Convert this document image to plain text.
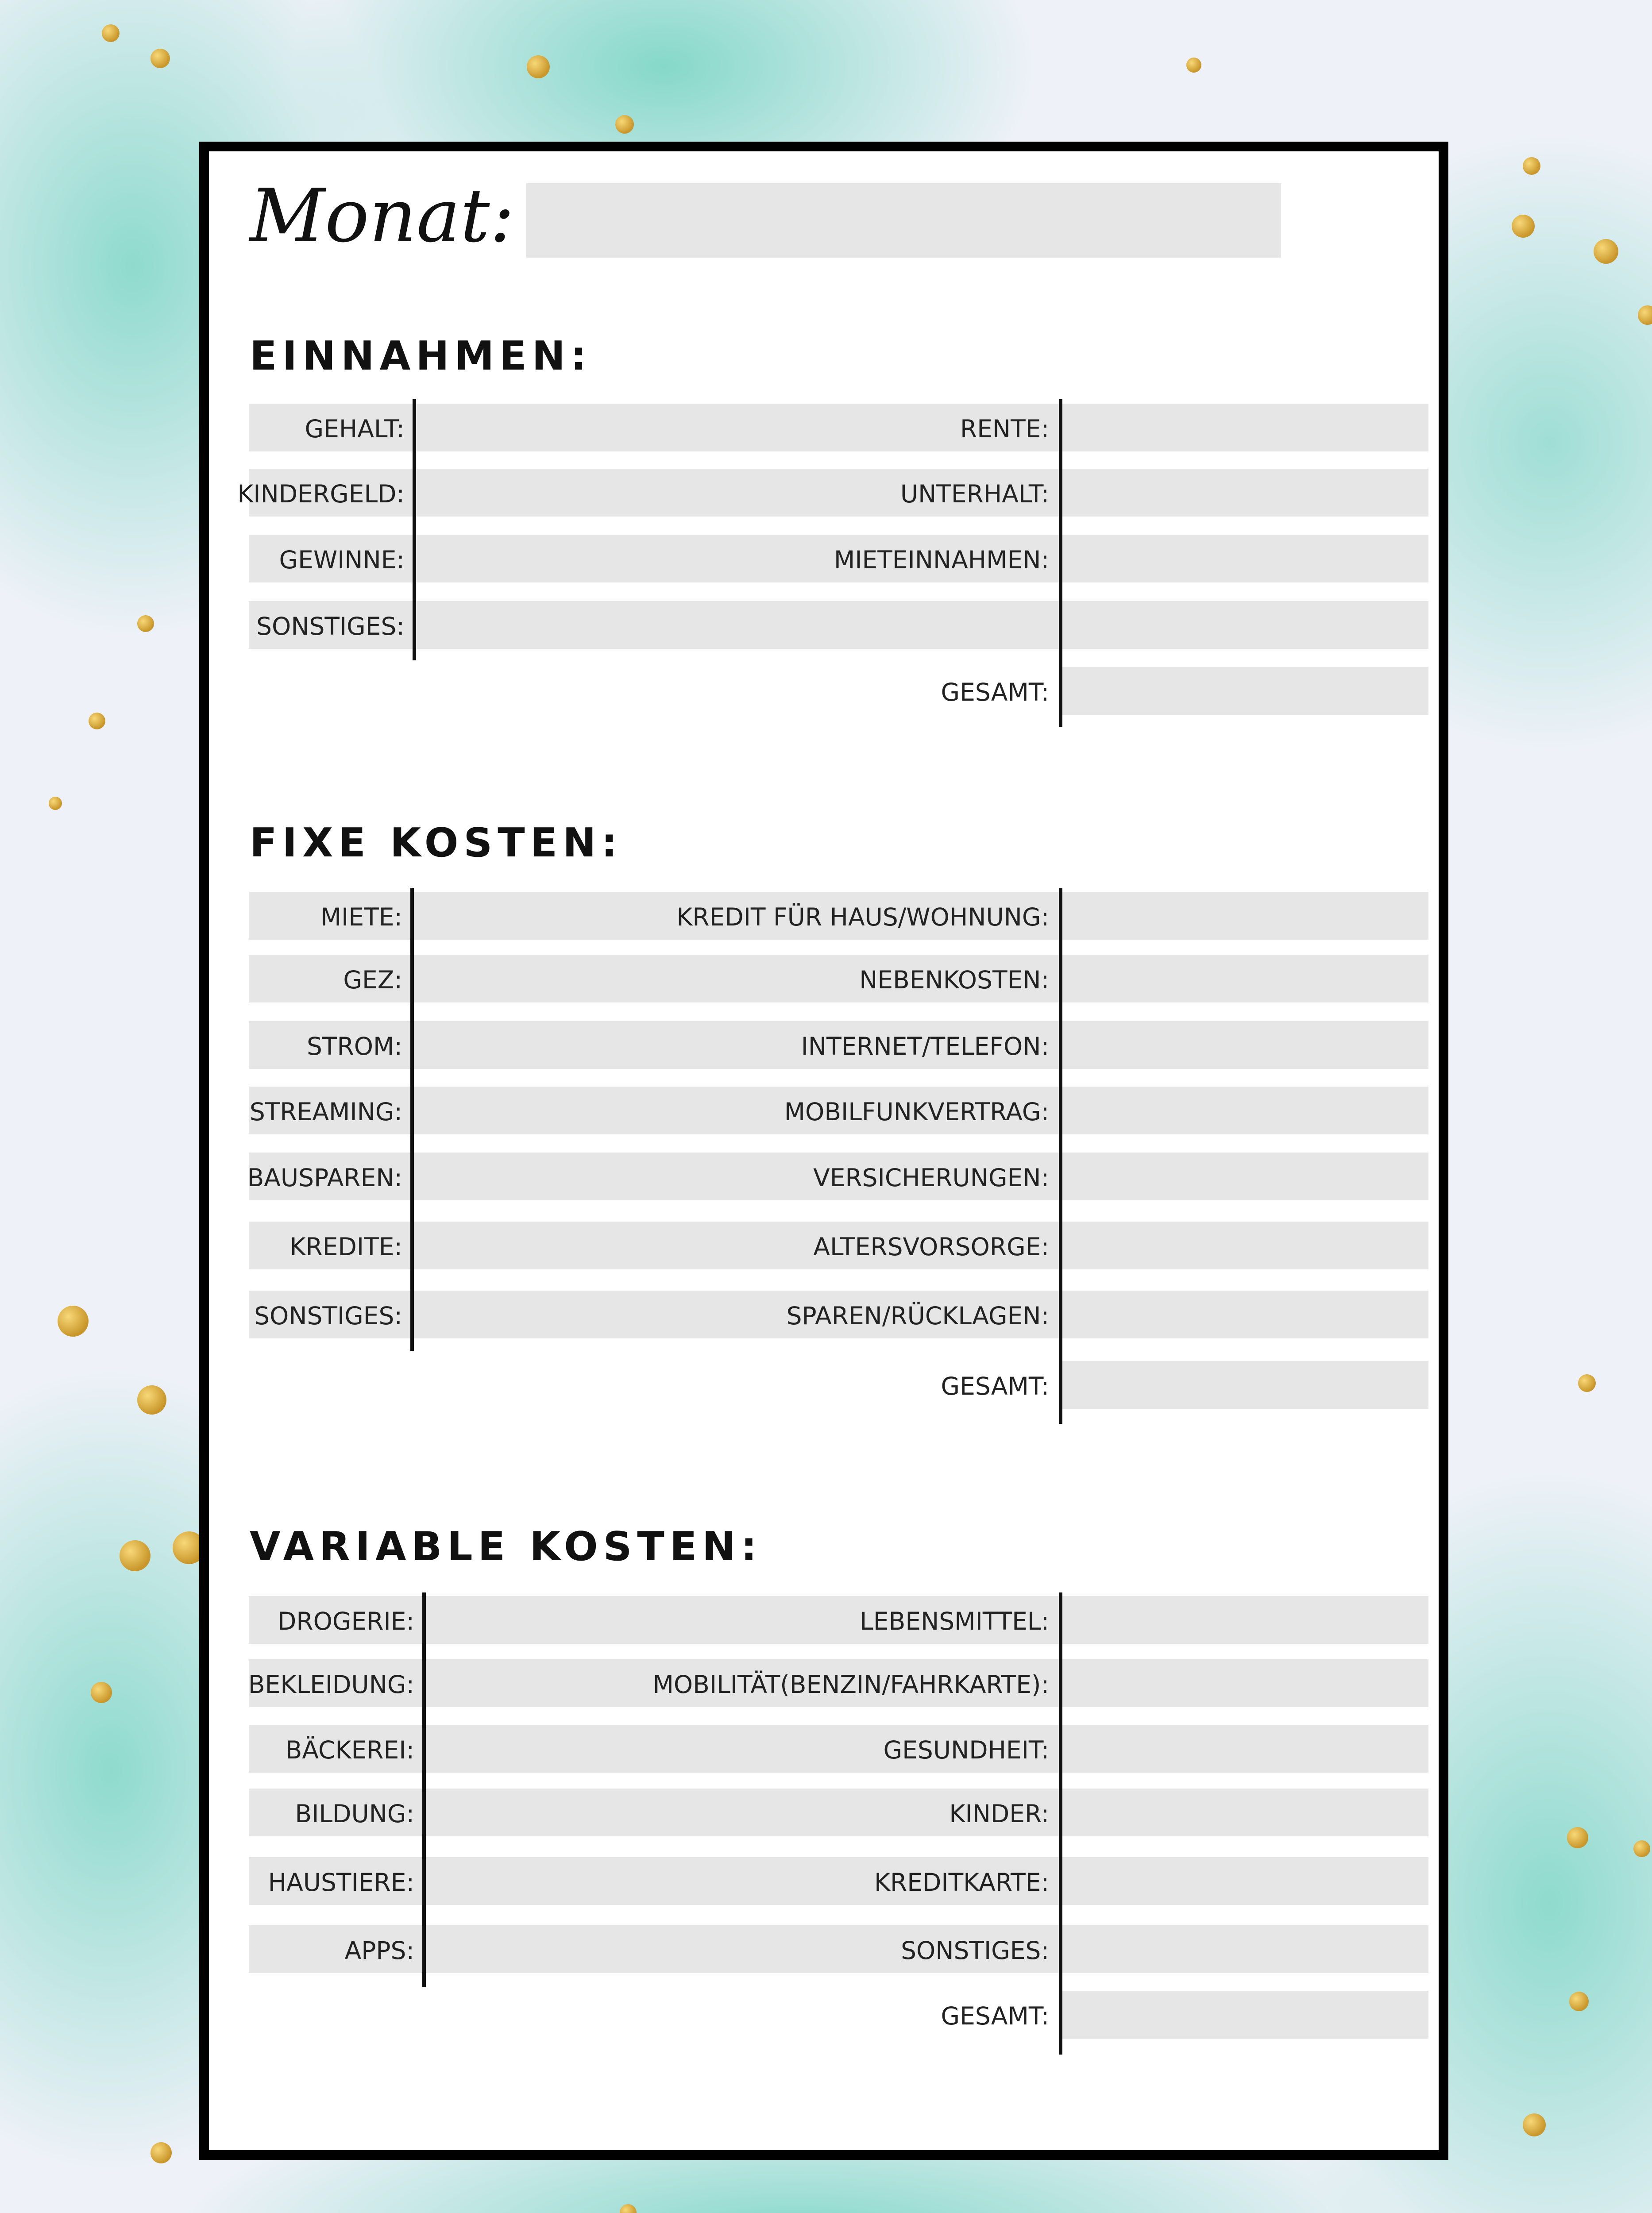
Monat:
EINNAHMEN:
FIXE KOSTEN:
VARIABLE KOSTEN:
GEHALT:	RENTE:
KINDERGELD:	UNTERHALT:
GEWINNE:	MIETEINNAHMEN:
SONSTIGES:
GESAMT:
MIETE:	KREDIT FÜR HAUS/WOHNUNG:
GEZ:	NEBENKOSTEN:
STROM:	INTERNET/TELEFON:
STREAMING:	MOBILFUNKVERTRAG:
BAUSPAREN:	VERSICHERUNGEN:
KREDITE:	ALTERSVORSORGE:
SONSTIGES:	SPAREN/RÜCKLAGEN:
GESAMT:
DROGERIE:	LEBENSMITTEL:
BEKLEIDUNG:	MOBILITÄT(BENZIN/FAHRKARTE):
BÄCKEREI:	GESUNDHEIT:
BILDUNG:	KINDER:
HAUSTIERE:	KREDITKARTE:
APPS:	SONSTIGES:
GESAMT:
